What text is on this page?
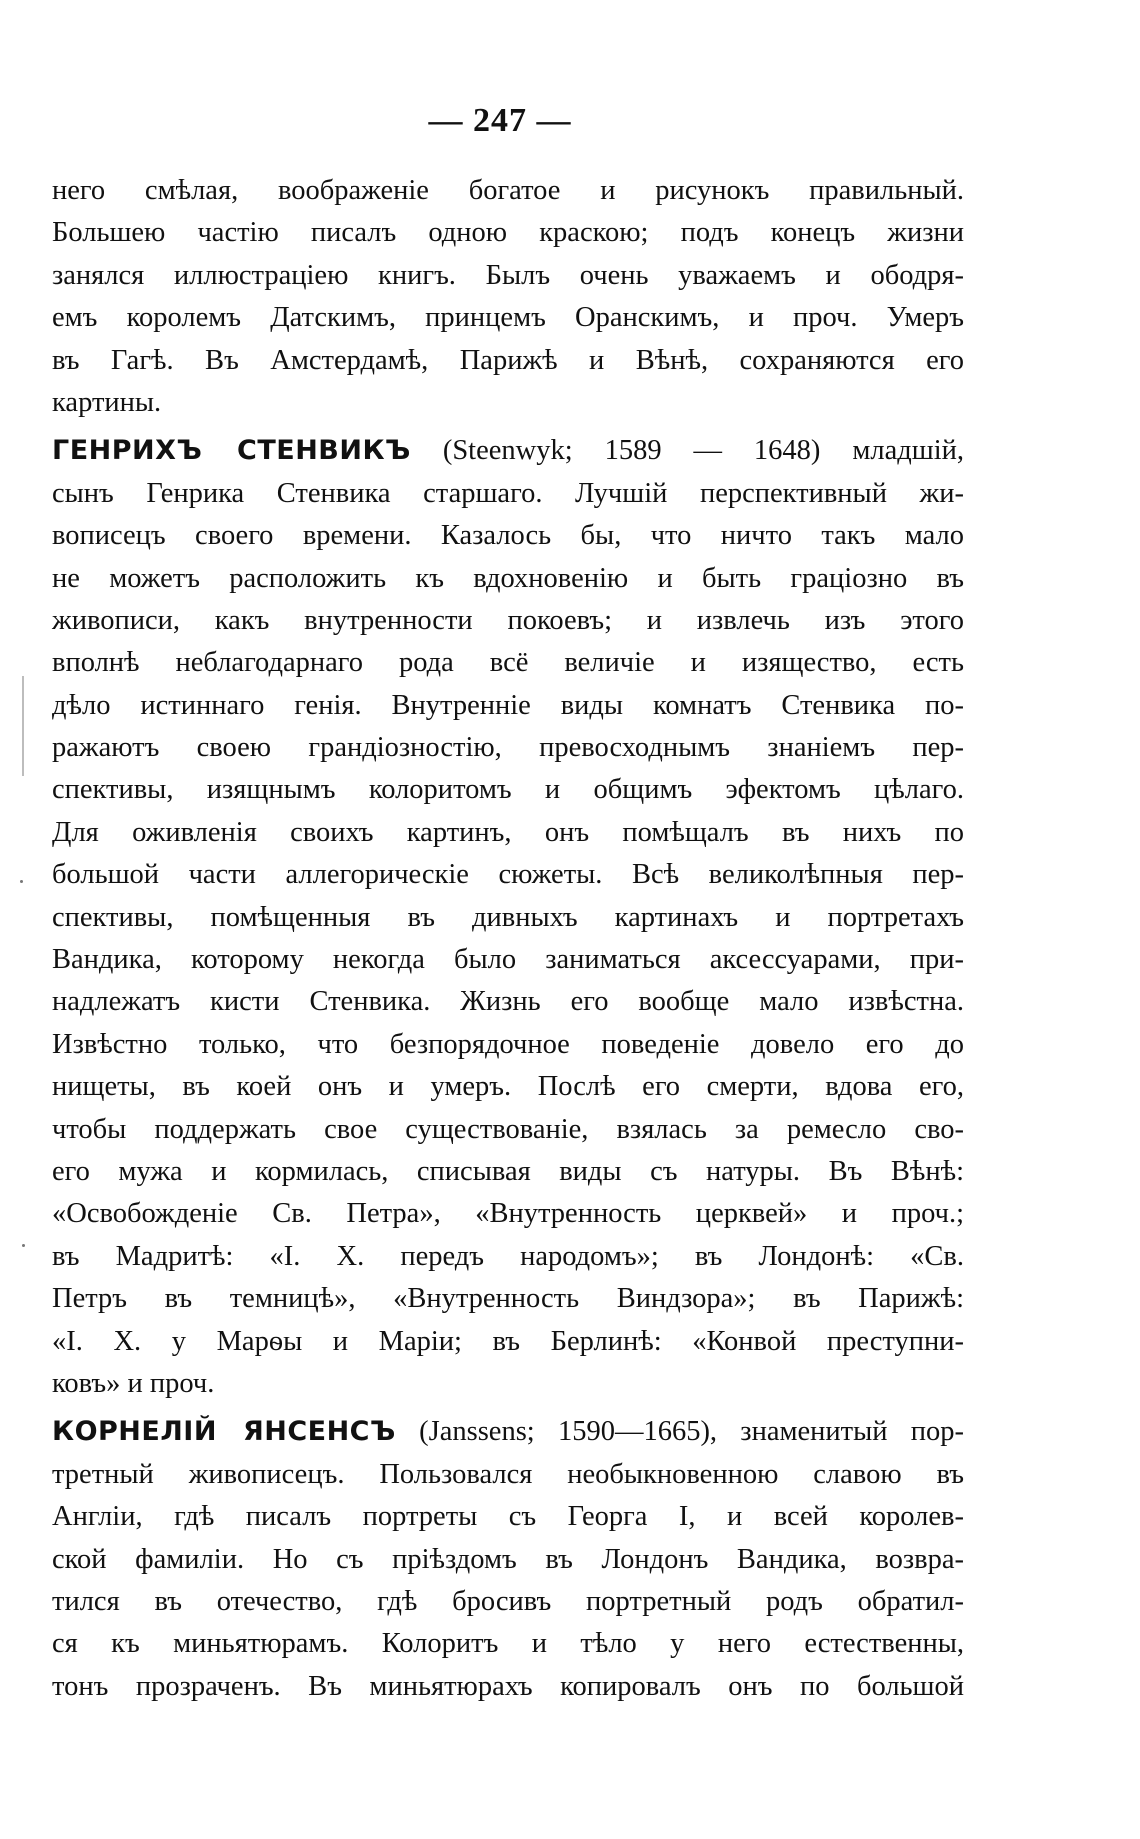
— 247 —
него смѣлая, воображеніе богатое и рисунокъ правильный.
Большею частію писалъ одною краскою; подъ конецъ жизни
занялся иллюстраціею книгъ. Былъ очень уважаемъ и ободря-
емъ королемъ Датскимъ, принцемъ Оранскимъ, и проч. Умеръ
въ Гагѣ. Въ Амстердамѣ, Парижѣ и Вѣнѣ, сохраняются его
картины.
ГЕНРИХЪ СТЕНВИКЪ (Steenwyk; 1589 — 1648) младшій,
сынъ Генрика Стенвика старшаго. Лучшій перспективный жи-
вописецъ своего времени. Казалось бы, что ничто такъ мало
не можетъ расположить къ вдохновенію и быть граціозно въ
живописи, какъ внутренности покоевъ; и извлечь изъ этого
вполнѣ неблагодарнаго рода всё величіе и изящество, есть
дѣло истиннаго генія. Внутренніе виды комнатъ Стенвика по-
ражаютъ своею грандіозностію, превосходнымъ знаніемъ пер-
спективы, изящнымъ колоритомъ и общимъ эфектомъ цѣлаго.
Для оживленія своихъ картинъ, онъ помѣщалъ въ нихъ по
большой части аллегорическіе сюжеты. Всѣ великолѣпныя пер-
спективы, помѣщенныя въ дивныхъ картинахъ и портретахъ
Вандика, которому некогда было заниматься аксессуарами, при-
надлежатъ кисти Стенвика. Жизнь его вообще мало извѣстна.
Извѣстно только, что безпорядочное поведеніе довело его до
нищеты, въ коей онъ и умеръ. Послѣ его смерти, вдова его,
чтобы поддержать свое существованіе, взялась за ремесло сво-
его мужа и кормилась, списывая виды съ натуры. Въ Вѣнѣ:
«Освобожденіе Св. Петра», «Внутренность церквей» и проч.;
въ Мадритѣ: «І. Х. передъ народомъ»; въ Лондонѣ: «Св.
Петръ въ темницѣ», «Внутренность Виндзора»; въ Парижѣ:
«І. Х. у Марѳы и Маріи; въ Берлинѣ: «Конвой преступни-
ковъ» и проч.
КОРНЕЛІЙ ЯНСЕНСЪ (Janssens; 1590—1665), знаменитый пор-
третный живописецъ. Пользовался необыкновенною славою въ
Англіи, гдѣ писалъ портреты съ Георга I, и всей королев-
ской фамиліи. Но съ пріѣздомъ въ Лондонъ Вандика, возвра-
тился въ отечество, гдѣ бросивъ портретный родъ обратил-
ся къ миньятюрамъ. Колоритъ и тѣло у него естественны,
тонъ прозраченъ. Въ миньятюрахъ копировалъ онъ по большой
